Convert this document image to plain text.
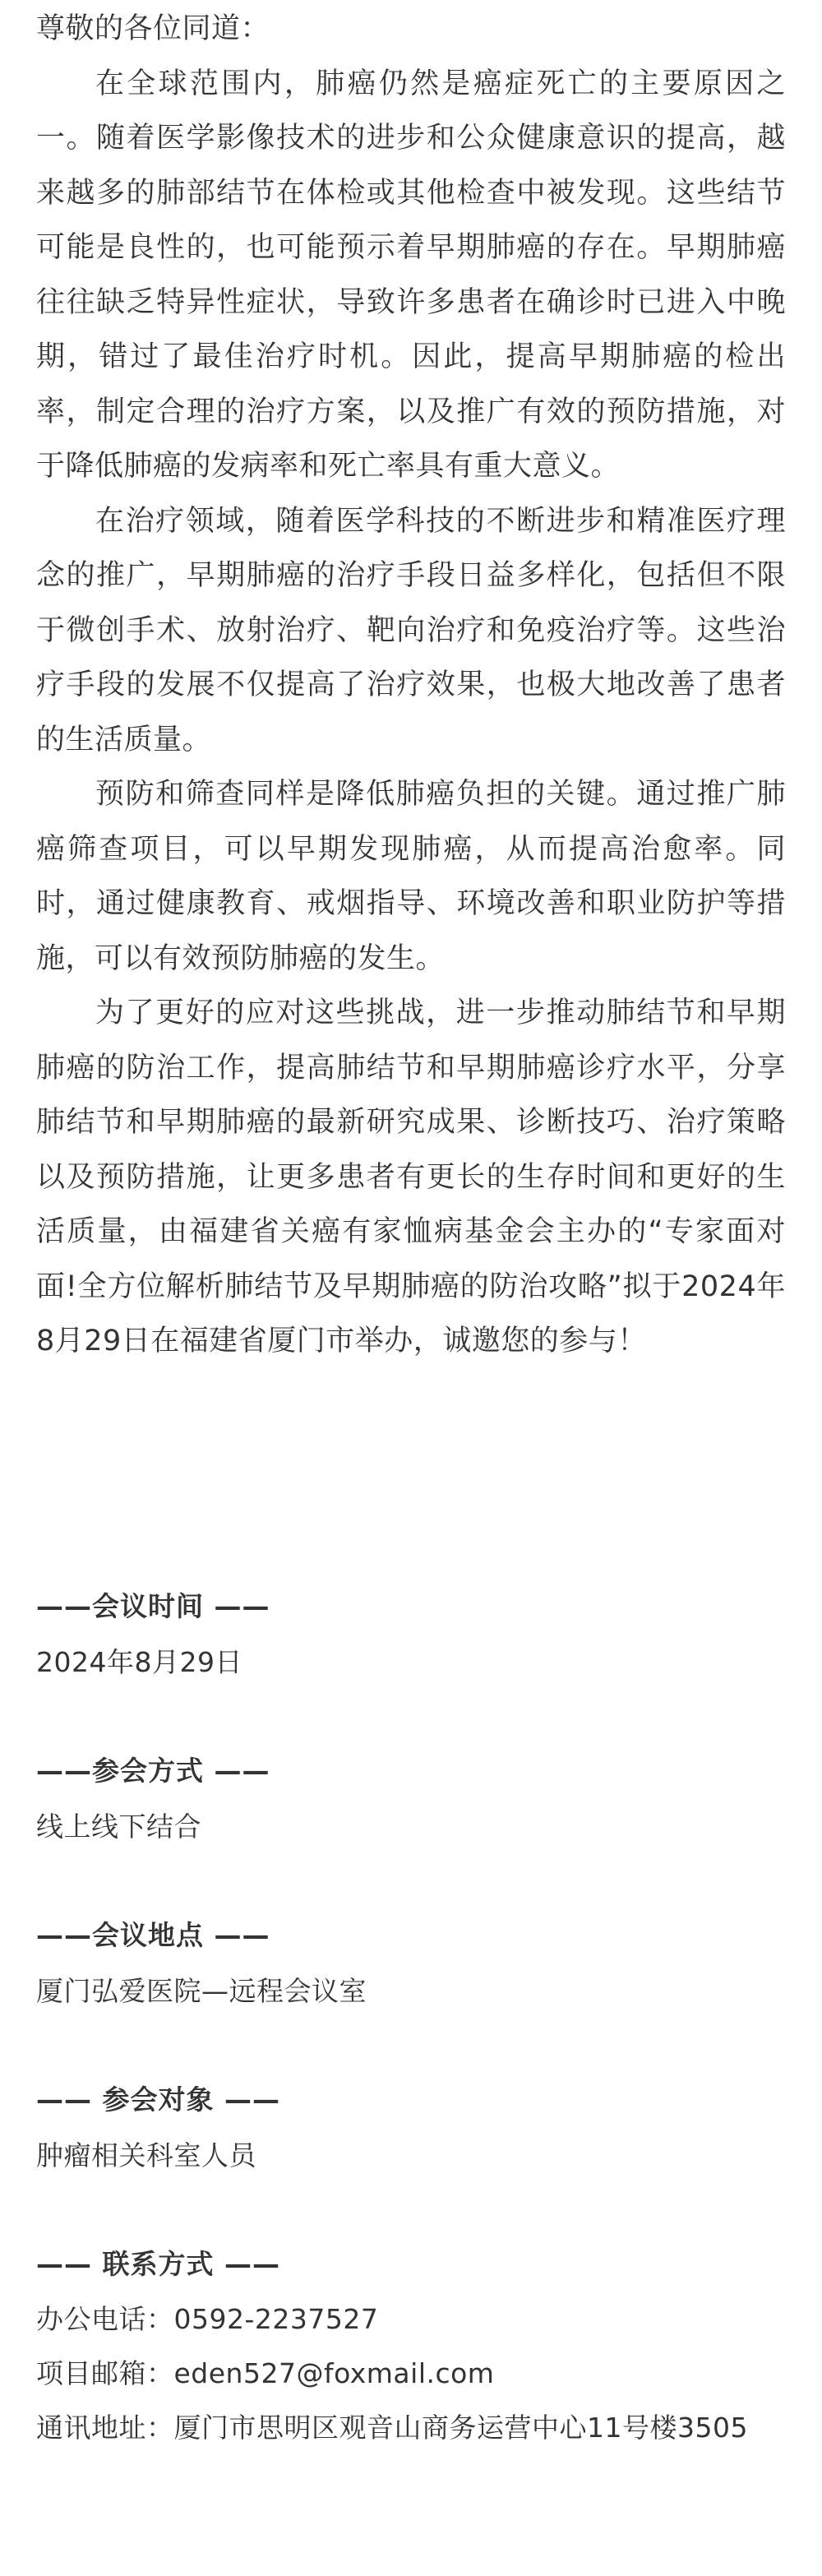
尊敬的各位同道：

在全球范围内，肺癌仍然是癌症死亡的主要原因之一。随着医学影像技术的进步和公众健康意识的提高，越来越多的肺部结节在体检或其他检查中被发现。这些结节可能是良性的，也可能预示着早期肺癌的存在。早期肺癌往往缺乏特异性症状，导致许多患者在确诊时已进入中晚期，错过了最佳治疗时机。因此，提高早期肺癌的检出率，制定合理的治疗方案，以及推广有效的预防措施，对于降低肺癌的发病率和死亡率具有重大意义。

在治疗领域，随着医学科技的不断进步和精准医疗理念的推广，早期肺癌的治疗手段日益多样化，包括但不限于微创手术、放射治疗、靶向治疗和免疫治疗等。这些治疗手段的发展不仅提高了治疗效果，也极大地改善了患者的生活质量。

预防和筛查同样是降低肺癌负担的关键。通过推广肺癌筛查项目，可以早期发现肺癌，从而提高治愈率。同时，通过健康教育、戒烟指导、环境改善和职业防护等措施，可以有效预防肺癌的发生。

为了更好的应对这些挑战，进一步推动肺结节和早期肺癌的防治工作，提高肺结节和早期肺癌诊疗水平，分享肺结节和早期肺癌的最新研究成果、诊断技巧、治疗策略以及预防措施，让更多患者有更长的生存时间和更好的生活质量，由福建省关癌有家恤病基金会主办的“专家面对面!全方位解析肺结节及早期肺癌的防治攻略”拟于2024年8月29日在福建省厦门市举办，诚邀您的参与！

——会议时间 ——
2024年8月29日
——参会方式 ——
线上线下结合
——会议地点 ——
厦门弘爱医院—远程会议室
—— 参会对象 ——
肿瘤相关科室人员
—— 联系方式 ——
办公电话：0592-2237527
项目邮箱：eden527@foxmail.com
通讯地址：厦门市思明区观音山商务运营中心11号楼3505
